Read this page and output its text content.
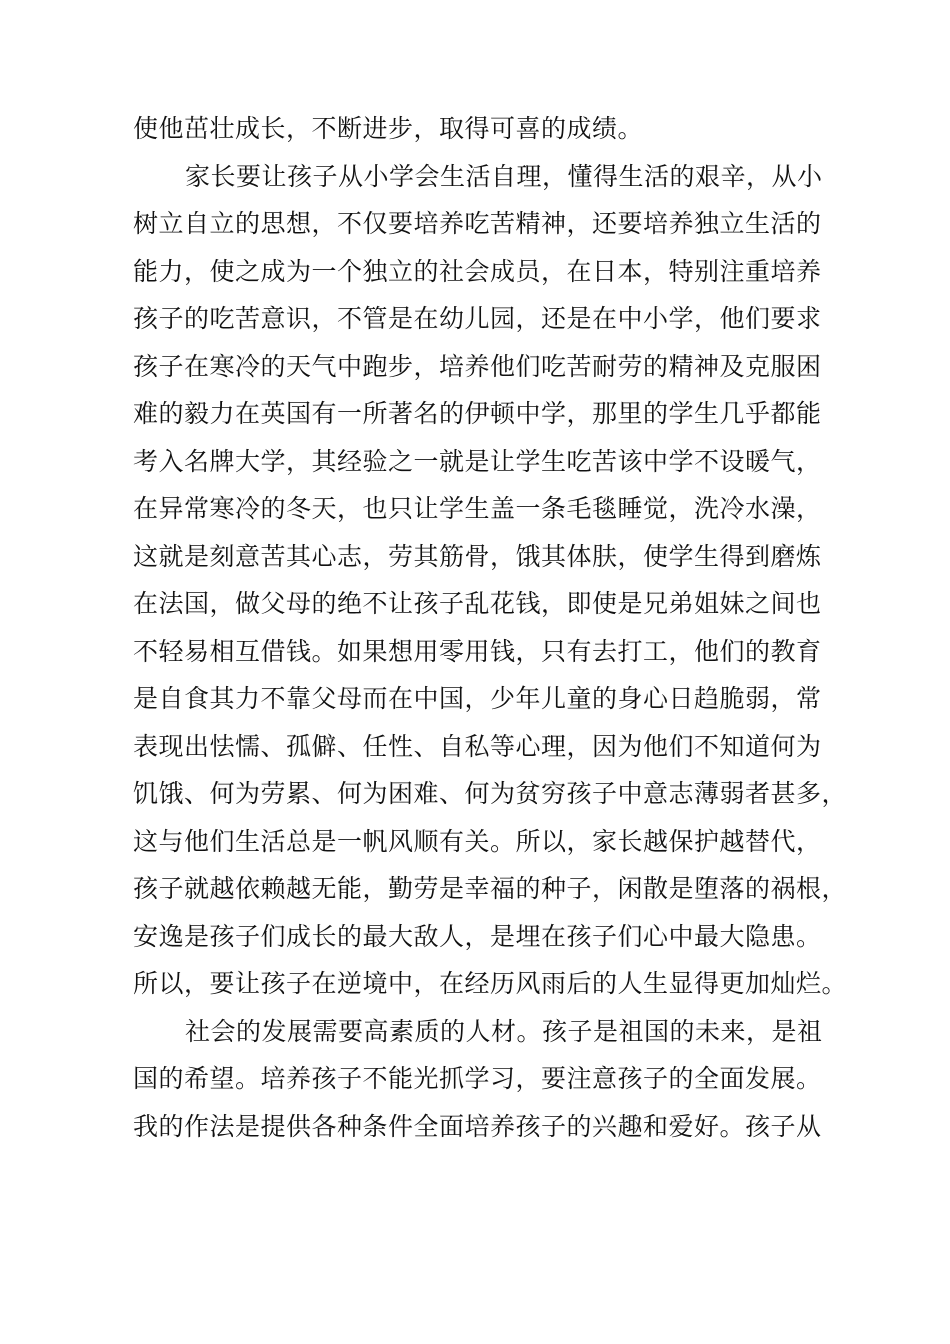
使他茁壮成长，不断进步，取得可喜的成绩。
家长要让孩子从小学会生活自理，懂得生活的艰辛，从小
树立自立的思想，不仅要培养吃苦精神，还要培养独立生活的
能力，使之成为一个独立的社会成员，在日本，特别注重培养
孩子的吃苦意识，不管是在幼儿园，还是在中小学，他们要求
孩子在寒冷的天气中跑步，培养他们吃苦耐劳的精神及克服困
难的毅力在英国有一所著名的伊顿中学，那里的学生几乎都能
考入名牌大学，其经验之一就是让学生吃苦该中学不设暖气，
在异常寒冷的冬天，也只让学生盖一条毛毯睡觉，洗冷水澡，
这就是刻意苦其心志，劳其筋骨，饿其体肤，使学生得到磨炼
在法国，做父母的绝不让孩子乱花钱，即使是兄弟姐妹之间也
不轻易相互借钱。如果想用零用钱，只有去打工，他们的教育
是自食其力不靠父母而在中国，少年儿童的身心日趋脆弱，常
表现出怯懦、孤僻、任性、自私等心理，因为他们不知道何为
饥饿、何为劳累、何为困难、何为贫穷孩子中意志薄弱者甚多，
这与他们生活总是一帆风顺有关。所以，家长越保护越替代，
孩子就越依赖越无能，勤劳是幸福的种子，闲散是堕落的祸根，
安逸是孩子们成长的最大敌人，是埋在孩子们心中最大隐患。
所以，要让孩子在逆境中，在经历风雨后的人生显得更加灿烂。
社会的发展需要高素质的人材。孩子是祖国的未来，是祖
国的希望。培养孩子不能光抓学习，要注意孩子的全面发展。
我的作法是提供各种条件全面培养孩子的兴趣和爱好。孩子从
